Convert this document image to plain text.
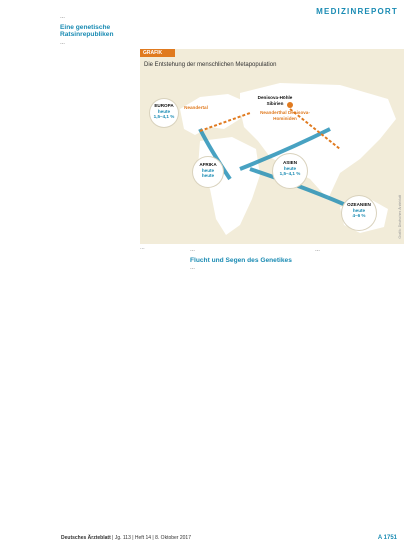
MEDIZINREPORT

…

Eine genetische Ratsinrepubliken

…

GRAFIK
Die Entstehung der menschlichen Metapopulation
EUROPA
heute
1,5–4,1 %
Neandertal
Denisova-Höhle
Sibirien
Neanderthal Denisova-Hominiden
ASIEN
heute
1,5–4,1 %
AFRIKA
heute
heute
OZEANIEN
heute
4–6 %	Grafik: Deutsches Ärzteblatt
…	…

Flucht und Segen des Genetikes

…

…

Deutsches Ärzteblatt | Jg. 113 | Heft 14 | 8. Oktober 2017	A 1751
